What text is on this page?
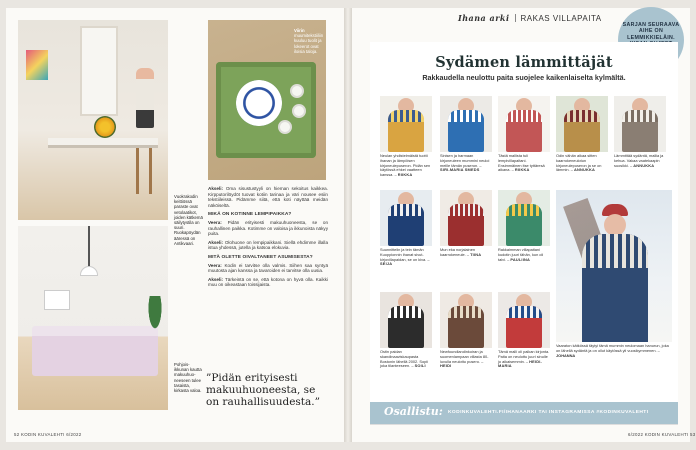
Vuokrakodin keittiössä paraste ovat vetolaatikot, joiden kätkemä säilytystila on suuri. Ruokapöydän ääressä on Antikvaari.
Pohjois-ikkunan kautta makuuhuo-neeseen tulee tasaista, kirkasta valoa.
Viirin muumitekstiiliin kuuluu tuolit ja lokeerot ovat iloisia taloja.

Akseli: Oma sisustustyyli on hieman sekoitus kaikkea. Kirpputorilöydöt tuovat kotiin tarinaa ja väri nousee esiin tekstiileissä. Pidämme siitä, että koti näyttää meidän näköiseltä.

MIKÄ ON KOTINNE LEMPIPAIKKA?

Veera: Pidän erityisesti makuuhuoneesta, se on rauhallinen paikka. Kotimme on valoisa ja ikkunoista näkyy puita.

Akseli: Olohuone on lempipaikkani. Siellä ehdimme illalla istua yhdessä, jutella ja katsoa elokuvia.

MITÄ OLETTE OIVALTANEET ASUMISESTA?

Veera: Kodin ei tarvitse olla valmis. Siihen saa syntyä muutosta ajan kanssa ja tavaroiden ei tarvitse olla uusia.

Akseli: Tärkeintä on se, että kotona on hyvä olla. Kaikki muu on oikeastaan toissijaista.

”Pidän erityisesti makuuhuoneesta, se on rauhallisuudesta.”
52 KODIN KUVALEHTI 6/2022
Ihana arki RAKAS VILLAPAITA
SARJAN SEURAAVA AIHE ON LEMMIKKIELÄIN.
Sydämen lämmittäjät
Rakkaudella neulottu paita suojelee kaikenlaiselta kylmältä.
Neulan yhdistelmäistä tuotti ihanan ja lämpöisen kirjoneulepuseron. Pidän sen käytössä ehkei vaatteen kanssa. – RIIKKA
Sinisen ja harmaan kirjoneuleen mummini neuloi meille tämän puseron. – SIRI-MARIA SMEDS
Tästä mallista tuli lempivillapaitani. Ensimmäinen itse tyttäresä aikana. – RIIKKA
Odin vähän aikaa sitten kaarrokeneulotun kirjoneulepuseron ja se on lämmin. – ANNUKKA
Lämmittää sydäntä, mallia ja kehua. Vakaa vaatekaapin suosikki. – ANNUKKA
Suunnittelin ja tein tämän Kuoppionnin ihanat sivut-kirjovillapaidan, se on kiva. – SEIJA
Mun eka norjalainen kaarrokeneule. – TIINA
Rakkaimman villapaitani kudotin juuri tähän, kun oli talvi. – PAULIINA
Ostin paidan skandinaaviskaupasta Bostonin lähellä 2002. Sopii joka tilanteeseen. – SOILI
Newfoundlandinkoiran ja suomenlampaan villasta 80-luvulla neulottu pusero. – HEIDI
Tämä malli oli paikan kirjonta. Paita on neulottu juuri sinulle jo aikaisemmin. – HEIDI-MARIA
Vaaraton kätkössä täytyi tämä mummin neulomaan hanurun, joka on lähellä sydäntä ja on ollut käytössä yli vuosikymmenen. – JOHANNA
Osallistu: KODINKUVALEHTI.FI/IHANAARKI TAI INSTAGRAMISSA #KODINKUVALEHTI
6/2022 KODIN KUVALEHTI 53
